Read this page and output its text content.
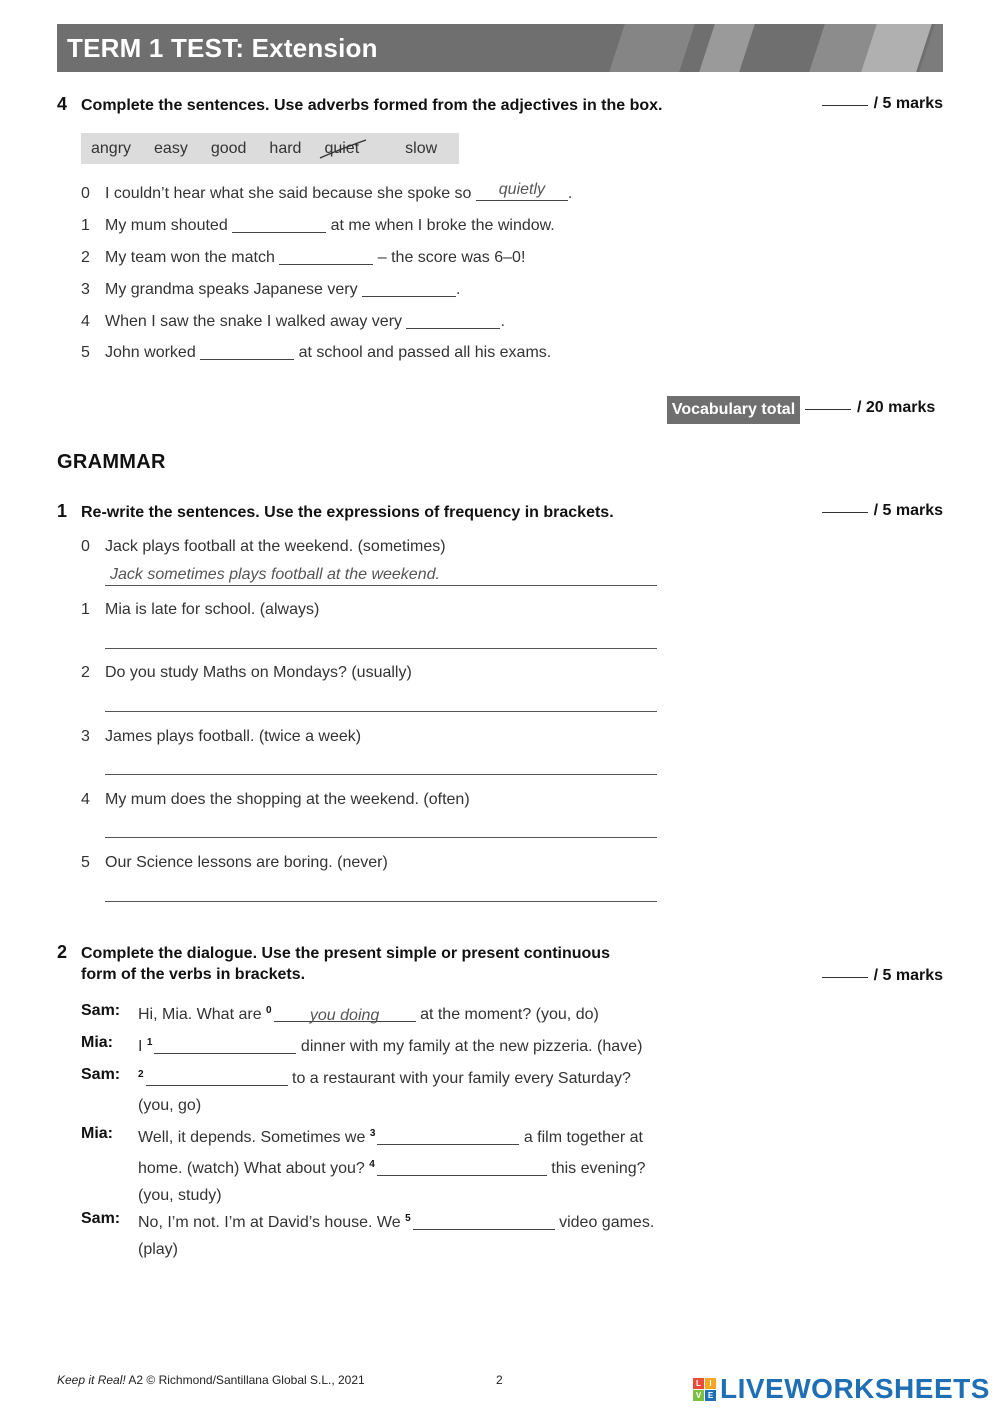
TERM 1 TEST: Extension
4 Complete the sentences. Use adverbs formed from the adjectives in the box.	/ 5 marks
angry easy good hard quiet	slow
0 I couldn’t hear what she said because she spoke so	quietly	.
1 My mum shouted	at me when I broke the window.
2 My team won the match	– the score was 6–0!
3 My grandma speaks Japanese very	.
4 When I saw the snake I walked away very	.
5 John worked	at school and passed all his exams.
Vocabulary total	/ 20 marks
GRAMMAR
1 Re-write the sentences. Use the expressions of frequency in brackets.	/ 5 marks
0 Jack plays football at the weekend. (sometimes)
Jack sometimes plays football at the weekend.
1 Mia is late for school. (always)
2 Do you study Maths on Mondays? (usually)
3 James plays football. (twice a week)
4 My mum does the shopping at the weekend. (often)
5 Our Science lessons are boring. (never)
2 Complete the dialogue. Use the present simple or present continuous
form of the verbs in brackets.	/ 5 marks
Sam: Hi, Mia. What are $^0$	you doing	at the moment? (you, do)
Mia: I $^1$	dinner with my family at the new pizzeria. (have)
Sam: $^2$	to a restaurant with your family every Saturday?
(you, go)
Mia: Well, it depends. Sometimes we $^3$	a film together at
home. (watch) What about you? $^4$	this evening?
(you, study)
Sam: No, I’m not. I’m at David’s house. We $^5$	video games.
(play)
Keep it Real! A2 © Richmond/Santillana Global S.L., 2021	2	L	I
V E LIVEWORKSHEETS
